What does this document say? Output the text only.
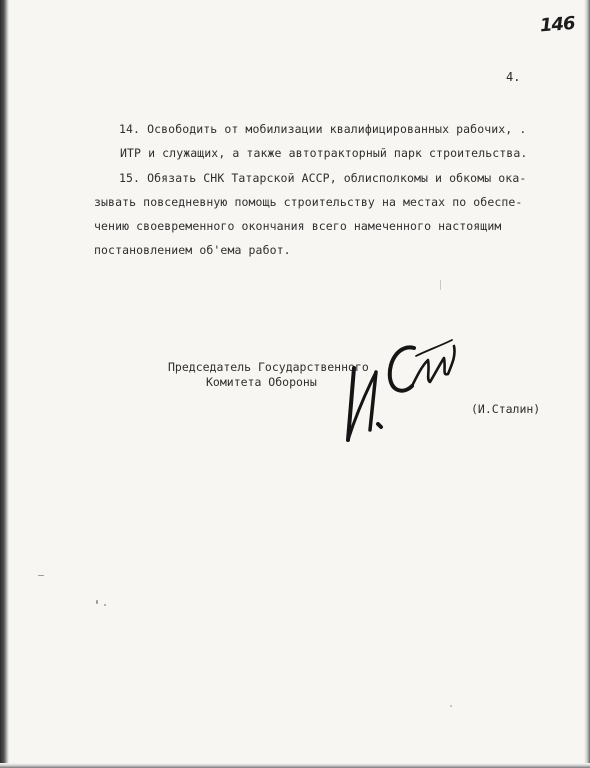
146
4.

14. Освободить от мобилизации квалифицированных рабочих, .

ИТР и служащих, а также автотракторный парк строительства.

15. Обязать СНК Татарской АССР, облисполкомы и обкомы ока-

зывать повседневную помощь строительству на местах по обеспе-

чению своевременного окончания всего намеченного настоящим

постановлением об'ема работ.

Председатель Государственного
Комитета Обороны
(И.Сталин)
